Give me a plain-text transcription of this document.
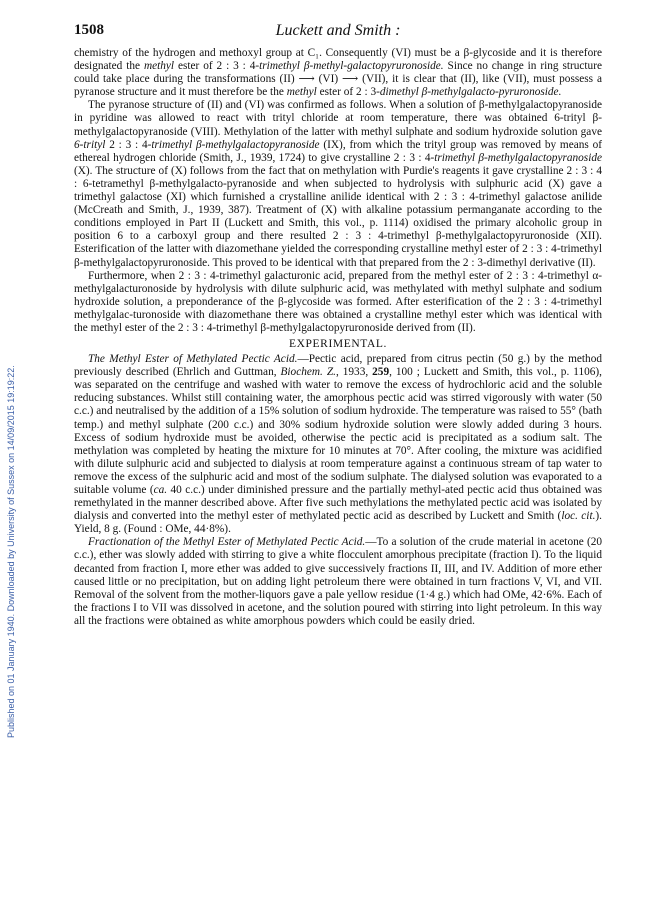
Published on 01 January 1940. Downloaded by University of Sussex on 14/09/2015 19:19:22.
1508	Luckett and Smith :

chemistry of the hydrogen and methoxyl group at C₁. Consequently (VI) must be a β-glycoside and it is therefore designated the methyl ester of 2 : 3 : 4-trimethyl β-methyl-galactopyruronoside. Since no change in ring structure could take place during the transformations (II) ⟶ (VI) ⟶ (VII), it is clear that (II), like (VII), must possess a pyranose structure and it must therefore be the methyl ester of 2 : 3-dimethyl β-methylgalacto-pyruronoside.

The pyranose structure of (II) and (VI) was confirmed as follows. When a solution of β-methylgalactopyranoside in pyridine was allowed to react with trityl chloride at room temperature, there was obtained 6-trityl β-methylgalactopyranoside (VIII). Methylation of the latter with methyl sulphate and sodium hydroxide solution gave 6-trityl 2 : 3 : 4-trimethyl β-methylgalactopyranoside (IX), from which the trityl group was removed by means of ethereal hydrogen chloride (Smith, J., 1939, 1724) to give crystalline 2 : 3 : 4-trimethyl β-methylgalactopyranoside (X). The structure of (X) follows from the fact that on methylation with Purdie's reagents it gave crystalline 2 : 3 : 4 : 6-tetramethyl β-methylgalacto-pyranoside and when subjected to hydrolysis with sulphuric acid (X) gave a trimethyl galactose (XI) which furnished a crystalline anilide identical with 2 : 3 : 4-trimethyl galactose anilide (McCreath and Smith, J., 1939, 387). Treatment of (X) with alkaline potassium permanganate according to the conditions employed in Part II (Luckett and Smith, this vol., p. 1114) oxidised the primary alcoholic group in position 6 to a carboxyl group and there resulted 2 : 3 : 4-trimethyl β-methylgalactopyruronoside (XII). Esterification of the latter with diazomethane yielded the corresponding crystalline methyl ester of 2 : 3 : 4-trimethyl β-methylgalactopyruronoside. This proved to be identical with that prepared from the 2 : 3-dimethyl derivative (II).

Furthermore, when 2 : 3 : 4-trimethyl galacturonic acid, prepared from the methyl ester of 2 : 3 : 4-trimethyl α-methylgalacturonoside by hydrolysis with dilute sulphuric acid, was methylated with methyl sulphate and sodium hydroxide solution, a preponderance of the β-glycoside was formed. After esterification of the 2 : 3 : 4-trimethyl methylgalac-turonoside with diazomethane there was obtained a crystalline methyl ester which was identical with the methyl ester of the 2 : 3 : 4-trimethyl β-methylgalactopyruronoside derived from (II).

EXPERIMENTAL.

The Methyl Ester of Methylated Pectic Acid.—Pectic acid, prepared from citrus pectin (50 g.) by the method previously described (Ehrlich and Guttman, Biochem. Z., 1933, 259, 100 ; Luckett and Smith, this vol., p. 1106), was separated on the centrifuge and washed with water to remove the excess of hydrochloric acid and the soluble reducing substances. Whilst still containing water, the amorphous pectic acid was stirred vigorously with water (50 c.c.) and neutralised by the addition of a 15% solution of sodium hydroxide. The temperature was raised to 55° (bath temp.) and methyl sulphate (200 c.c.) and 30% sodium hydroxide solution were slowly added during 3 hours. Excess of sodium hydroxide must be avoided, otherwise the pectic acid is precipitated as a sodium salt. The methylation was completed by heating the mixture for 10 minutes at 70°. After cooling, the mixture was acidified with dilute sulphuric acid and subjected to dialysis at room temperature against a continuous stream of tap water to remove the excess of the sulphuric acid and most of the sodium sulphate. The dialysed solution was evaporated to a suitable volume (ca. 40 c.c.) under diminished pressure and the partially methyl-ated pectic acid thus obtained was remethylated in the manner described above. After five such methylations the methylated pectic acid was isolated by dialysis and converted into the methyl ester of methylated pectic acid as described by Luckett and Smith (loc. cit.). Yield, 8 g. (Found : OMe, 44·8%).

Fractionation of the Methyl Ester of Methylated Pectic Acid.—To a solution of the crude material in acetone (20 c.c.), ether was slowly added with stirring to give a white flocculent amorphous precipitate (fraction I). To the liquid decanted from fraction I, more ether was added to give successively fractions II, III, and IV. Addition of more ether caused little or no precipitation, but on adding light petroleum there were obtained in turn fractions V, VI, and VII. Removal of the solvent from the mother-liquors gave a pale yellow residue (1·4 g.) which had OMe, 42·6%. Each of the fractions I to VII was dissolved in acetone, and the solution poured with stirring into light petroleum. In this way all the fractions were obtained as white amorphous powders which could be easily dried.
